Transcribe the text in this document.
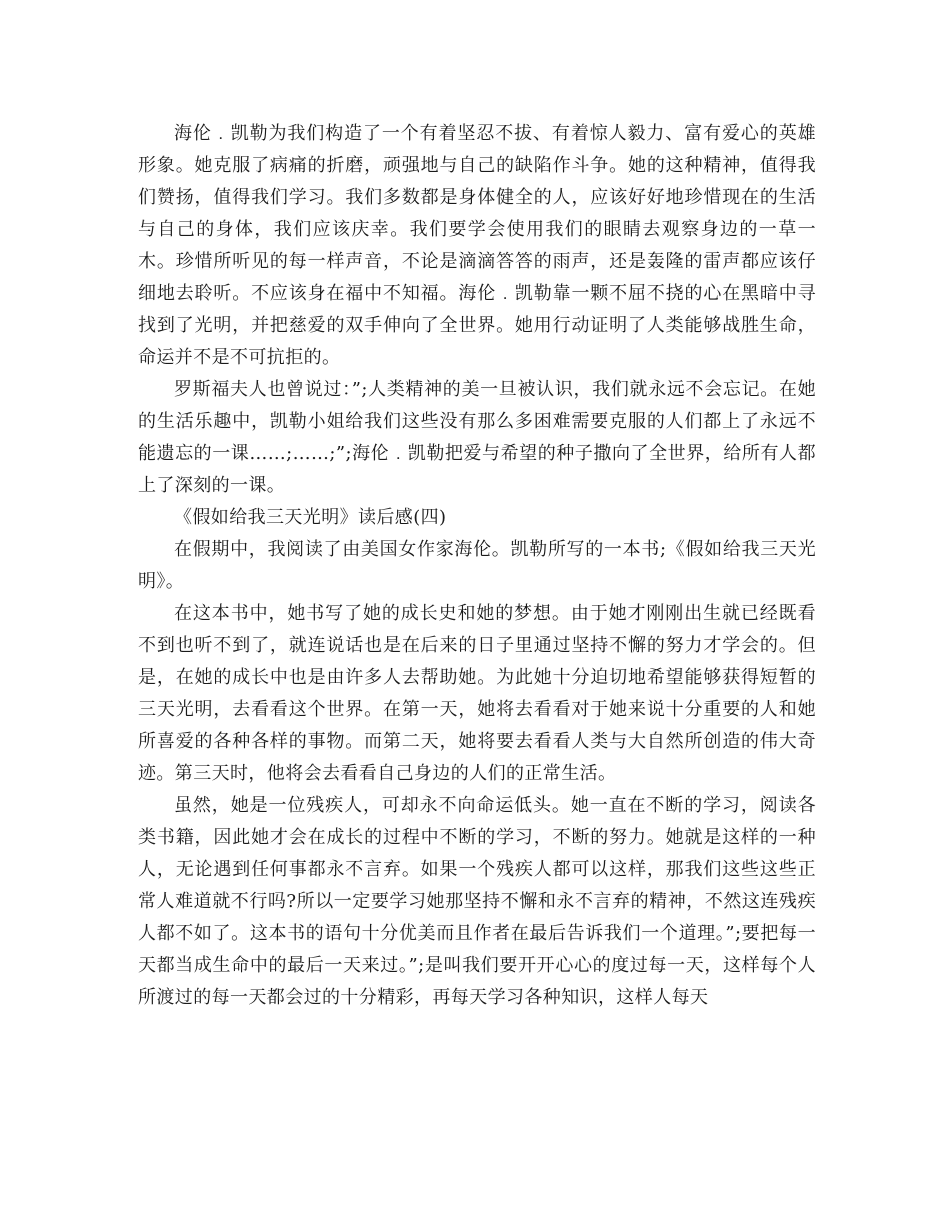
海伦﹒凯勒为我们构造了一个有着坚忍不拔、有着惊人毅力、富有爱心的英雄形象。她克服了病痛的折磨，顽强地与自己的缺陷作斗争。她的这种精神，值得我们赞扬，值得我们学习。我们多数都是身体健全的人，应该好好地珍惜现在的生活与自己的身体，我们应该庆幸。我们要学会使用我们的眼睛去观察身边的一草一木。珍惜所听见的每一样声音，不论是滴滴答答的雨声，还是轰隆的雷声都应该仔细地去聆听。不应该身在福中不知福。海伦﹒凯勒靠一颗不屈不挠的心在黑暗中寻找到了光明，并把慈爱的双手伸向了全世界。她用行动证明了人类能够战胜生命，命运并不是不可抗拒的。

罗斯福夫人也曾说过：”;人类精神的美一旦被认识，我们就永远不会忘记。在她的生活乐趣中，凯勒小姐给我们这些没有那么多困难需要克服的人们都上了永远不能遗忘的一课……;……;”;海伦﹒凯勒把爱与希望的种子撒向了全世界，给所有人都上了深刻的一课。

《假如给我三天光明》读后感(四)

在假期中，我阅读了由美国女作家海伦。凯勒所写的一本书;《假如给我三天光明》。

在这本书中，她书写了她的成长史和她的梦想。由于她才刚刚出生就已经既看不到也听不到了，就连说话也是在后来的日子里通过坚持不懈的努力才学会的。但是，在她的成长中也是由许多人去帮助她。为此她十分迫切地希望能够获得短暂的三天光明，去看看这个世界。在第一天，她将去看看对于她来说十分重要的人和她所喜爱的各种各样的事物。而第二天，她将要去看看人类与大自然所创造的伟大奇迹。第三天时，他将会去看看自己身边的人们的正常生活。

虽然，她是一位残疾人，可却永不向命运低头。她一直在不断的学习，阅读各类书籍，因此她才会在成长的过程中不断的学习，不断的努力。她就是这样的一种人，无论遇到任何事都永不言弃。如果一个残疾人都可以这样，那我们这些这些正常人难道就不行吗?所以一定要学习她那坚持不懈和永不言弃的精神，不然这连残疾人都不如了。这本书的语句十分优美而且作者在最后告诉我们一个道理。”;要把每一天都当成生命中的最后一天来过。”;是叫我们要开开心心的度过每一天，这样每个人所渡过的每一天都会过的十分精彩，再每天学习各种知识，这样人每天
